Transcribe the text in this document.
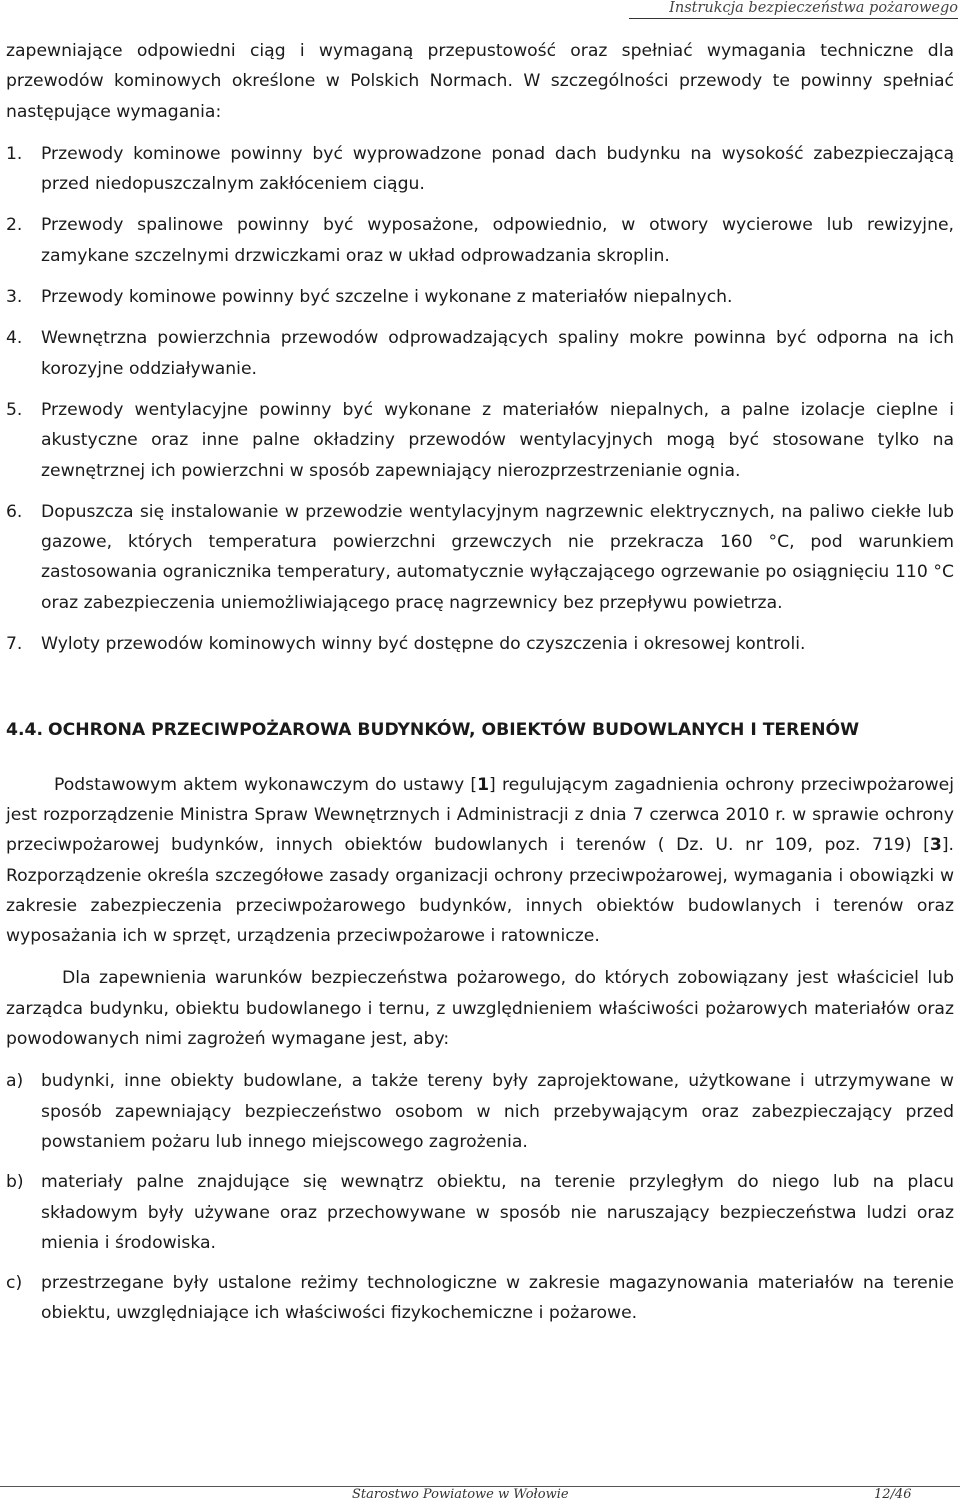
Instrukcja bezpieczeństwa pożarowego

zapewniające odpowiedni ciąg i wymaganą przepustowość oraz spełniać wymagania techniczne dla przewodów kominowych określone w Polskich Normach. W szczególności przewody te powinny spełniać następujące wymagania:

1. Przewody kominowe powinny być wyprowadzone ponad dach budynku na wysokość zabezpieczającą przed niedopuszczalnym zakłóceniem ciągu.
2. Przewody spalinowe powinny być wyposażone, odpowiednio, w otwory wycierowe lub rewizyjne, zamykane szczelnymi drzwiczkami oraz w układ odprowadzania skroplin.
3. Przewody kominowe powinny być szczelne i wykonane z materiałów niepalnych.
4. Wewnętrzna powierzchnia przewodów odprowadzających spaliny mokre powinna być odporna na ich korozyjne oddziaływanie.
5. Przewody wentylacyjne powinny być wykonane z materiałów niepalnych, a palne izolacje cieplne i akustyczne oraz inne palne okładziny przewodów wentylacyjnych mogą być stosowane tylko na zewnętrznej ich powierzchni w sposób zapewniający nierozprzestrzenianie ognia.
6. Dopuszcza się instalowanie w przewodzie wentylacyjnym nagrzewnic elektrycznych, na paliwo ciekłe lub gazowe, których temperatura powierzchni grzewczych nie przekracza 160 °C, pod warunkiem zastosowania ogranicznika temperatury, automatycznie wyłączającego ogrzewanie po osiągnięciu 110 °C oraz zabezpieczenia uniemożliwiającego pracę nagrzewnicy bez przepływu powietrza.
7. Wyloty przewodów kominowych winny być dostępne do czyszczenia i okresowej kontroli.
4.4. OCHRONA PRZECIWPOŻAROWA BUDYNKÓW, OBIEKTÓW BUDOWLANYCH I TERENÓW

Podstawowym aktem wykonawczym do ustawy [1] regulującym zagadnienia ochrony przeciwpożarowej jest rozporządzenie Ministra Spraw Wewnętrznych i Administracji z dnia 7 czerwca 2010 r. w sprawie ochrony przeciwpożarowej budynków, innych obiektów budowlanych i terenów ( Dz. U. nr 109, poz. 719) [3]. Rozporządzenie określa szczegółowe zasady organizacji ochrony przeciwpożarowej, wymagania i obowiązki w zakresie zabezpieczenia przeciwpożarowego budynków, innych obiektów budowlanych i terenów oraz wyposażania ich w sprzęt, urządzenia przeciwpożarowe i ratownicze.

Dla zapewnienia warunków bezpieczeństwa pożarowego, do których zobowiązany jest właściciel lub zarządca budynku, obiektu budowlanego i ternu, z uwzględnieniem właściwości pożarowych materiałów oraz powodowanych nimi zagrożeń wymagane jest, aby:

a) budynki, inne obiekty budowlane, a także tereny były zaprojektowane, użytkowane i utrzymywane w sposób zapewniający bezpieczeństwo osobom w nich przebywającym oraz zabezpieczający przed powstaniem pożaru lub innego miejscowego zagrożenia.
b) materiały palne znajdujące się wewnątrz obiektu, na terenie przyległym do niego lub na placu składowym były używane oraz przechowywane w sposób nie naruszający bezpieczeństwa ludzi oraz mienia i środowiska.
c) przestrzegane były ustalone reżimy technologiczne w zakresie magazynowania materiałów na terenie obiektu, uwzględniające ich właściwości fizykochemiczne i pożarowe.
Starostwo Powiatowe w Wołowie	12/46
